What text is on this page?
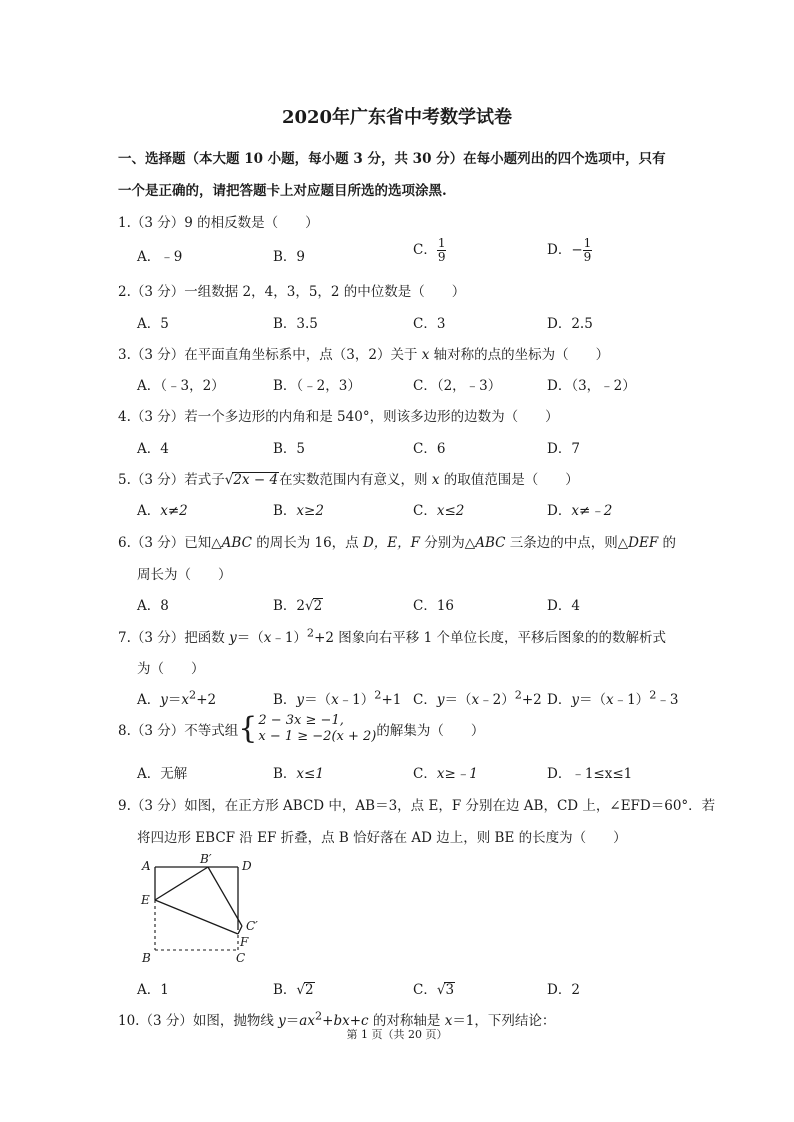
2020年广东省中考数学试卷
一、选择题（本大题 10 小题，每小题 3 分，共 30 分）在每小题列出的四个选项中，只有
一个是正确的，请把答题卡上对应题目所选的选项涂黑.
1.（3 分）9 的相反数是（　　）
A．﹣9	B．9	C． $\frac{1}{9}$	D．− $\frac{1}{9}$
2.（3 分）一组数据 2，4，3，5，2 的中位数是（　　）
A．5	B．3.5	C．3	D．2.5
3.（3 分）在平面直角坐标系中，点（3，2）关于 x 轴对称的点的坐标为（　　）
A．（﹣3，2）	B．（﹣2，3）	C．（2，﹣3）	D．（3，﹣2）
4.（3 分）若一个多边形的内角和是 540°，则该多边形的边数为（　　）
A．4	B．5	C．6	D．7
5.（3 分）若式子√2x − 4在实数范围内有意义，则 x 的取值范围是（　　）
A．x≠2	B．x≥2	C．x≤2	D．x≠﹣2
6.（3 分）已知△ABC 的周长为 16，点 D，E，F 分别为△ABC 三条边的中点，则△DEF 的
周长为（　　）
A．8	B．2√2	C．16	D．4
7.（3 分）把函数 y＝（x﹣1）$^2$+2 图象向右平移 1 个单位长度，平移后图象的的数解析式
为（　　）
A．$y=x^2+2$	B．y＝（x﹣1）$^2$+1 C．y＝（x﹣2）$^2$+2 D．y＝（x﹣1）$^2$﹣3
8.（3 分）不等式组{ 2 − 3x ≥ −1,
x − 1 ≥ −2(x + 2) 的解集为（　　）
A．无解	B．x≤1	C．x≥﹣1	D．﹣1≤x≤1
9.（3 分）如图，在正方形 ABCD 中，AB＝3，点 E，F 分别在边 AB，CD 上，∠EFD＝60°．若
将四边形 EBCF 沿 EF 折叠，点 B 恰好落在 AD 边上，则 BE 的长度为（　　）
A	B′	D
E
C′
F
B	C
A．1	B．√2	C．√3	D．2
10.（3 分）如图，抛物线 $y=ax^2+bx+c$ 的对称轴是 x＝1，下列结论：
第 1 页（共 20 页）
